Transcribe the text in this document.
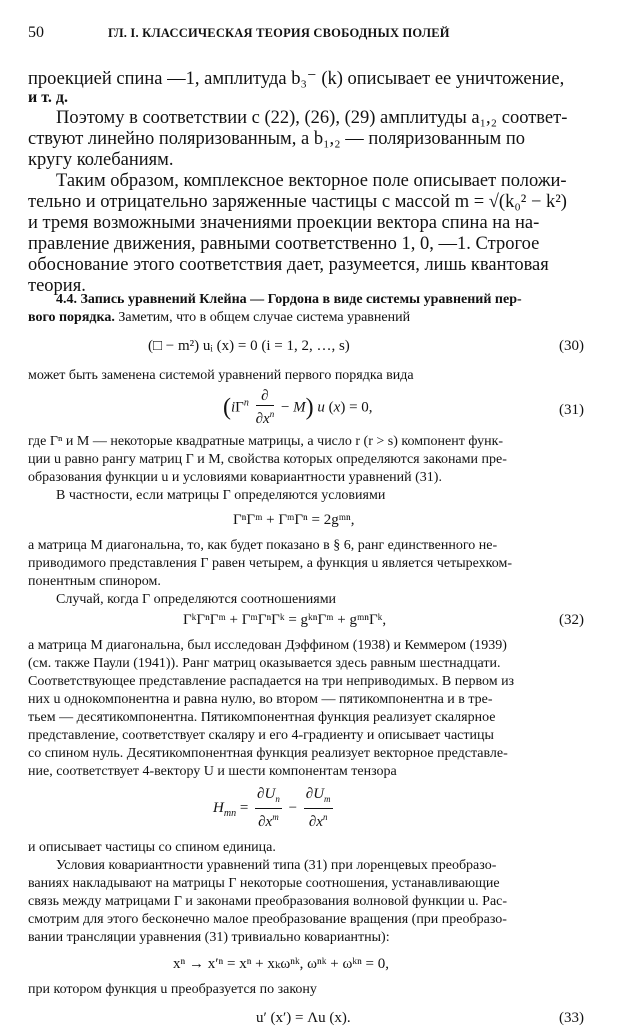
50	ГЛ. I. КЛАССИЧЕСКАЯ ТЕОРИЯ СВОБОДНЫХ ПОЛЕЙ
проекцией спина —1, амплитуда b₃⁻ (k) описывает ее уничтожение,
и т. д.
Поэтому в соответствии с (22), (26), (29) амплитуды a₁,₂ соответ-
ствуют линейно поляризованным, а b₁,₂ — поляризованным по
кругу колебаниям.
Таким образом, комплексное векторное поле описывает положи-
тельно и отрицательно заряженные частицы с массой m = √(k₀² − k²)
и тремя возможными значениями проекции вектора спина на на-
правление движения, равными соответственно 1, 0, —1. Строгое
обоснование этого соответствия дает, разумеется, лишь квантовая
теория.
4.4. Запись уравнений Клейна — Гордона в виде системы уравнений пер-
вого порядка. Заметим, что в общем случае система уравнений
(□ − m²) uᵢ (x) = 0 (i = 1, 2, …, s)	(30)
может быть заменена системой уравнений первого порядка вида
$(i\Gamma^n \frac{\partial}{\partial x^n} - M)$ u (x) = 0,	(31)
где Γⁿ и M — некоторые квадратные матрицы, а число r (r > s) компонент функ-
ции u равно рангу матриц Γ и M, свойства которых определяются законами пре-
образования функции u и условиями ковариантности уравнений (31).
В частности, если матрицы Γ определяются условиями
ΓⁿΓᵐ + ΓᵐΓⁿ = 2gᵐⁿ,
а матрица M диагональна, то, как будет показано в § 6, ранг единственного не-
приводимого представления Γ равен четырем, а функция u является четырехком-
понентным спинором.
Случай, когда Γ определяются соотношениями
ΓᵏΓⁿΓᵐ + ΓᵐΓⁿΓᵏ = gᵏⁿΓᵐ + gᵐⁿΓᵏ,	(32)
а матрица M диагональна, был исследован Дэффином (1938) и Кеммером (1939)
(см. также Паули (1941)). Ранг матриц оказывается здесь равным шестнадцати.
Соответствующее представление распадается на три неприводимых. В первом из
них u однокомпонентна и равна нулю, во втором — пятикомпонентна и в тре-
тьем — десятикомпонентна. Пятикомпонентная функция реализует скалярное
представление, соответствует скаляру и его 4-градиенту и описывает частицы
со спином нуль. Десятикомпонентная функция реализует векторное представле-
ние, соответствует 4-вектору U и шести компонентам тензора
$H_{mn} = \frac{\partial U_n}{\partial x^m} - \frac{\partial U_m}{\partial x^n}$
и описывает частицы со спином единица.
Условия ковариантности уравнений типа (31) при лоренцевых преобразо-
ваниях накладывают на матрицы Γ некоторые соотношения, устанавливающие
связь между матрицами Γ и законами преобразования волновой функции u. Рас-
смотрим для этого бесконечно малое преобразование вращения (при преобразо-
вании трансляции уравнения (31) тривиально ковариантны):
xⁿ → x′ⁿ = xⁿ + xₖωⁿᵏ, ωⁿᵏ + ωᵏⁿ = 0,
при котором функция u преобразуется по закону
u′ (x′) = Λu (x).	(33)
